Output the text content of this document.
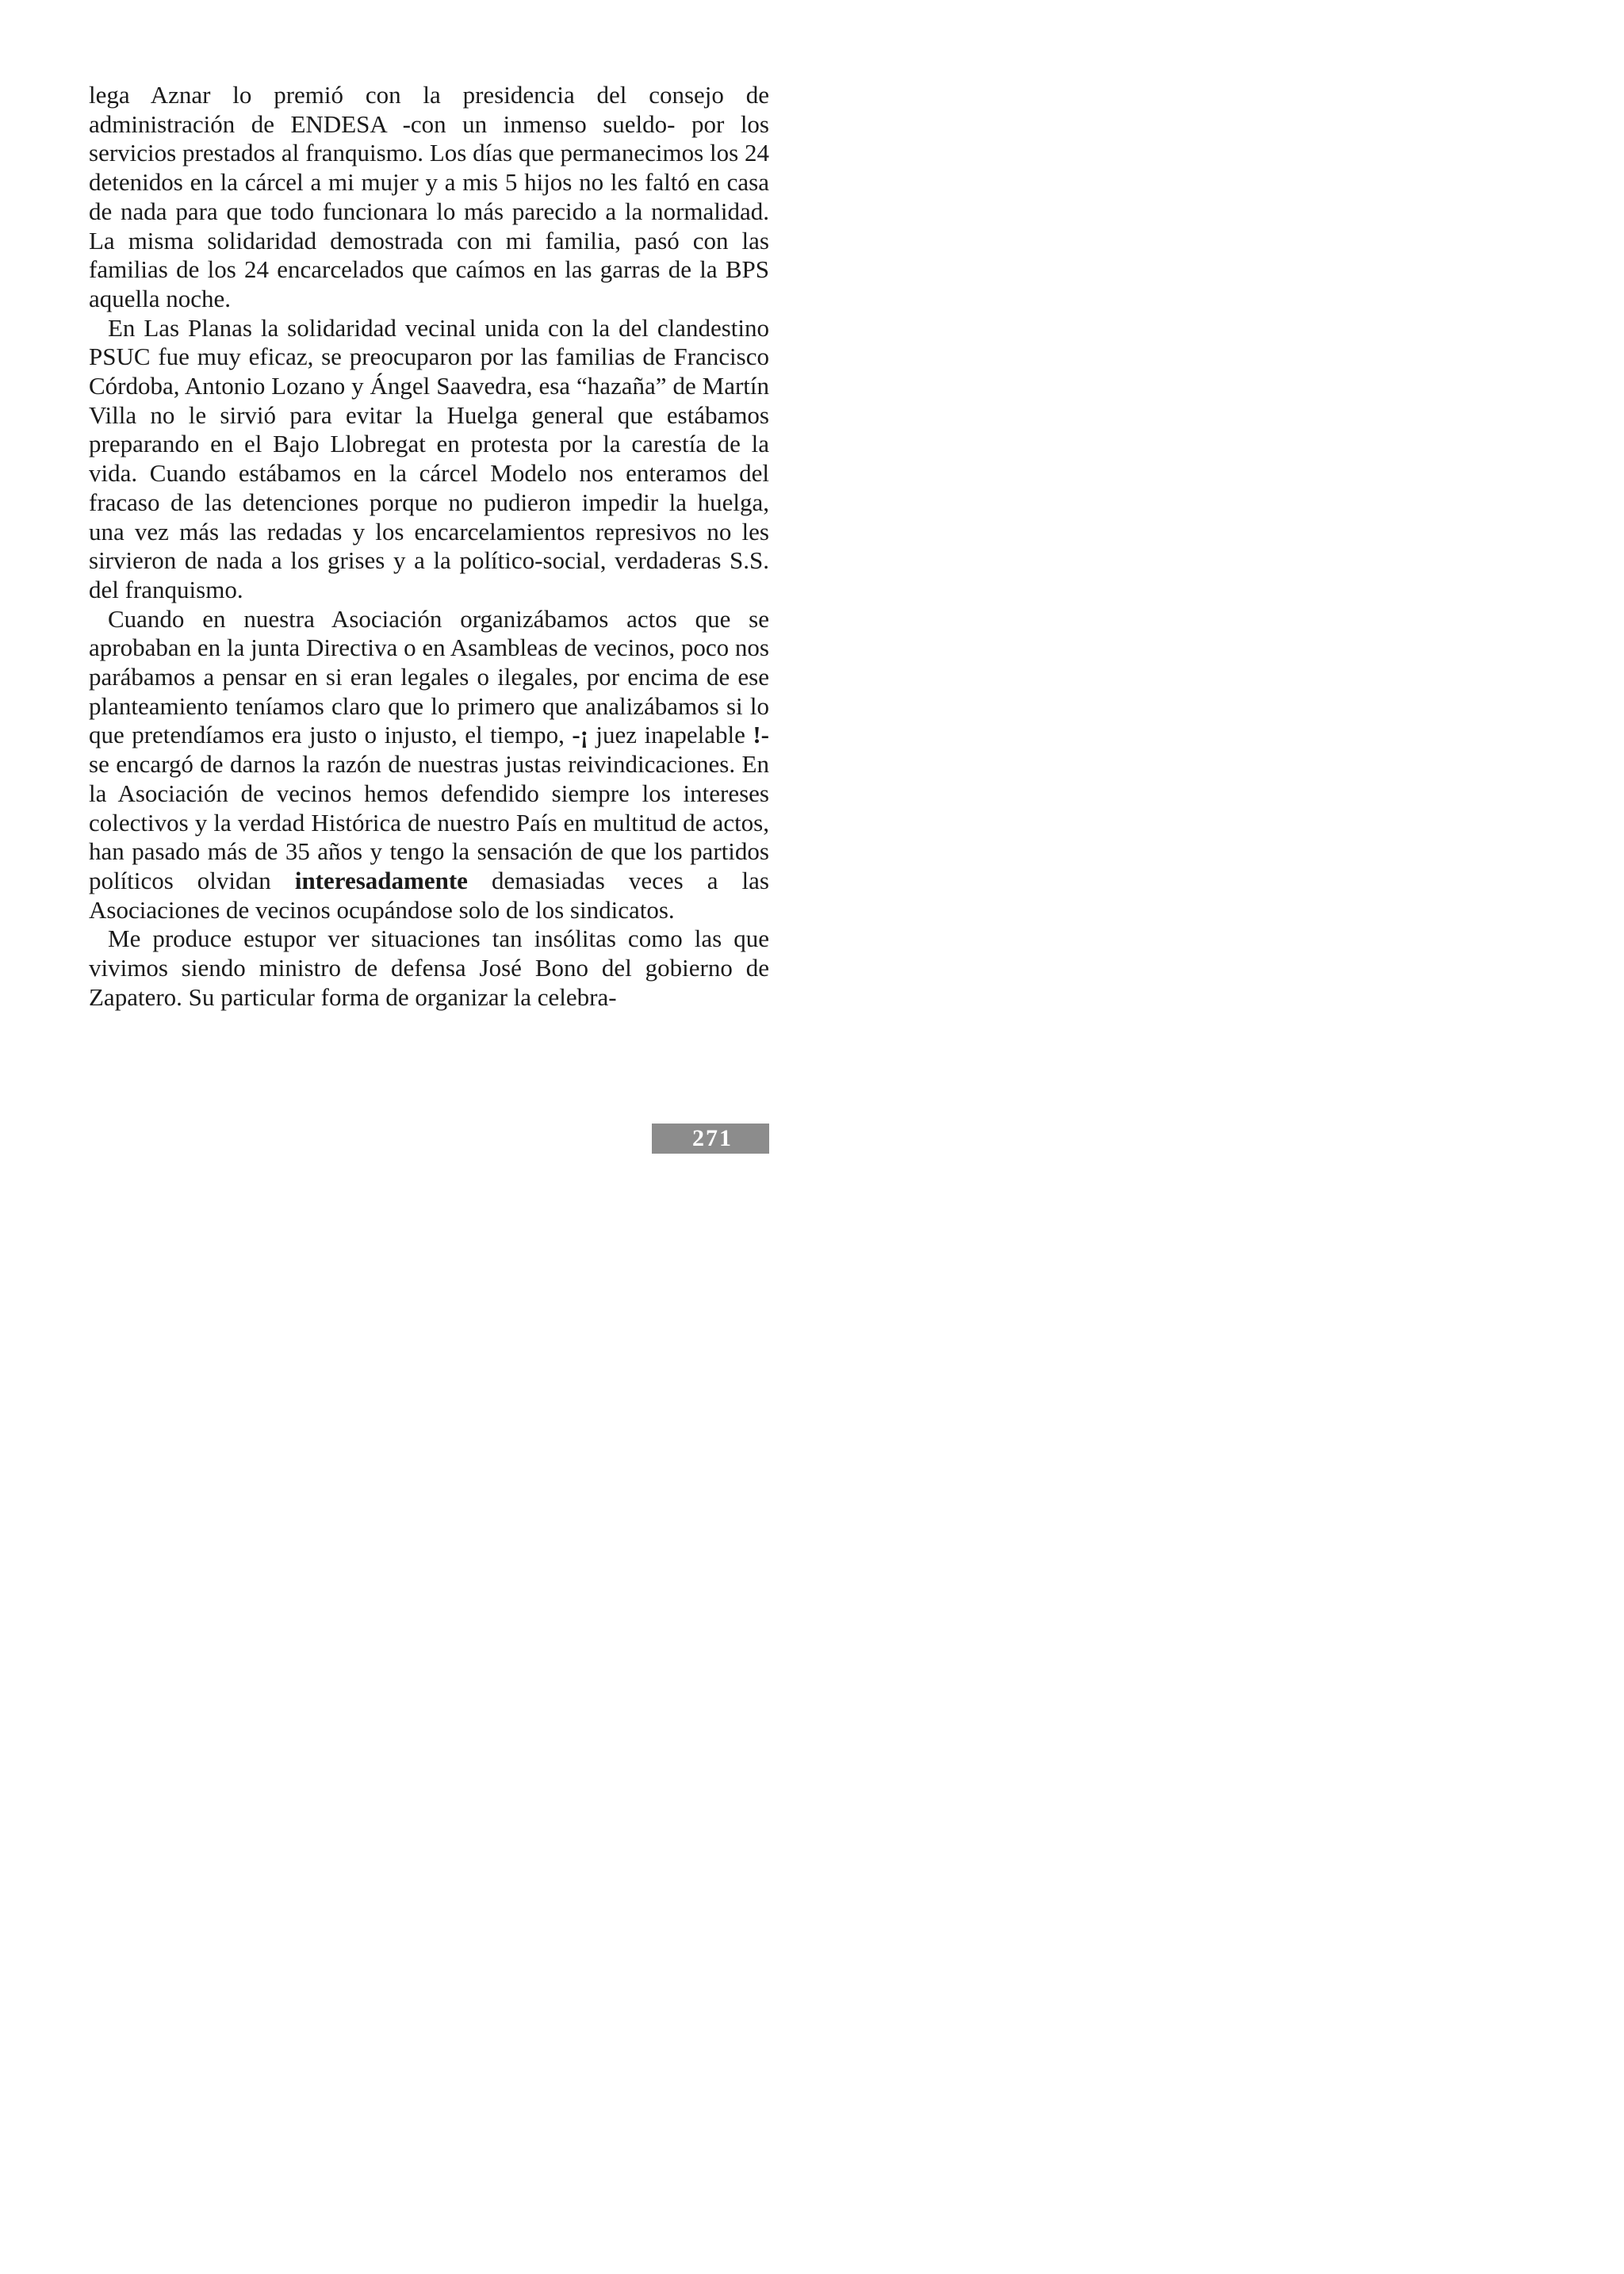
lega Aznar lo premió con la presidencia del consejo de administración de ENDESA -con un inmenso sueldo- por los servicios prestados al franquismo. Los días que permanecimos los 24 detenidos en la cárcel a mi mujer y a mis 5 hijos no les faltó en casa de nada para que todo funcionara lo más parecido a la normalidad. La misma solidaridad demostrada con mi familia, pasó con las familias de los 24 encarcelados que caímos en las garras de la BPS aquella noche.

En Las Planas la solidaridad vecinal unida con la del clandestino PSUC fue muy eficaz, se preocuparon por las familias de Francisco Córdoba, Antonio Lozano y Ángel Saavedra, esa “hazaña” de Martín Villa no le sirvió para evitar la Huelga general que estábamos preparando en el Bajo Llobregat en protesta por la carestía de la vida. Cuando estábamos en la cárcel Modelo nos enteramos del fracaso de las detenciones porque no pudieron impedir la huelga, una vez más las redadas y los encarcelamientos represivos no les sirvieron de nada a los grises y a la político-social, verdaderas S.S. del franquismo.

Cuando en nuestra Asociación organizábamos actos que se aprobaban en la junta Directiva o en Asambleas de vecinos, poco nos parábamos a pensar en si eran legales o ilegales, por encima de ese planteamiento teníamos claro que lo primero que analizábamos si lo que pretendíamos era justo o injusto, el tiempo, -¡ juez inapelable !- se encargó de darnos la razón de nuestras justas reivindicaciones. En la Asociación de vecinos hemos defendido siempre los intereses colectivos y la verdad Histórica de nuestro País en multitud de actos, han pasado más de 35 años y tengo la sensación de que los partidos políticos olvidan interesadamente demasiadas veces a las Asociaciones de vecinos ocupándose solo de los sindicatos.

Me produce estupor ver situaciones tan insólitas como las que vivimos siendo ministro de defensa José Bono del gobierno de Zapatero. Su particular forma de organizar la celebra-

271
